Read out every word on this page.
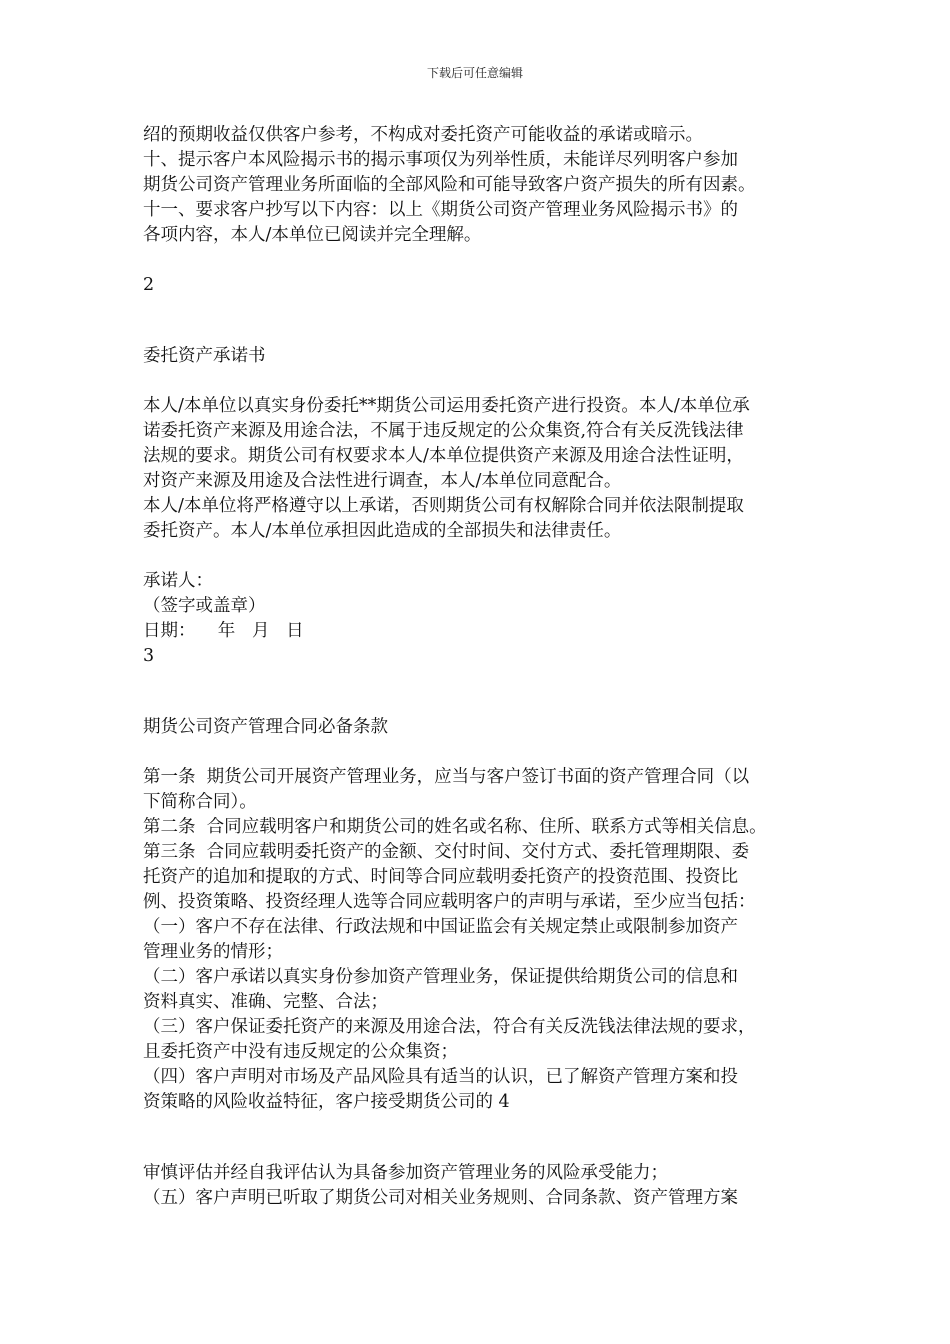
下载后可任意编辑
绍的预期收益仅供客户参考，不构成对委托资产可能收益的承诺或暗示。
十、提示客户本风险揭示书的揭示事项仅为列举性质，未能详尽列明客户参加
期货公司资产管理业务所面临的全部风险和可能导致客户资产损失的所有因素。
十一、要求客户抄写以下内容：以上《期货公司资产管理业务风险揭示书》的
各项内容，本人/本单位已阅读并完全理解。
2
委托资产承诺书
本人/本单位以真实身份委托**期货公司运用委托资产进行投资。本人/本单位承
诺委托资产来源及用途合法，不属于违反规定的公众集资,符合有关反洗钱法律
法规的要求。期货公司有权要求本人/本单位提供资产来源及用途合法性证明，
对资产来源及用途及合法性进行调查，本人/本单位同意配合。
本人/本单位将严格遵守以上承诺，否则期货公司有权解除合同并依法限制提取
委托资产。本人/本单位承担因此造成的全部损失和法律责任。
承诺人：
（签字或盖章）
日期：    年   月   日
3
期货公司资产管理合同必备条款
第一条  期货公司开展资产管理业务，应当与客户签订书面的资产管理合同（以
下简称合同）。
第二条  合同应载明客户和期货公司的姓名或名称、住所、联系方式等相关信息。
第三条  合同应载明委托资产的金额、交付时间、交付方式、委托管理期限、委
托资产的追加和提取的方式、时间等合同应载明委托资产的投资范围、投资比
例、投资策略、投资经理人选等合同应载明客户的声明与承诺，至少应当包括：
（一）客户不存在法律、行政法规和中国证监会有关规定禁止或限制参加资产
管理业务的情形；
（二）客户承诺以真实身份参加资产管理业务，保证提供给期货公司的信息和
资料真实、准确、完整、合法；
（三）客户保证委托资产的来源及用途合法，符合有关反洗钱法律法规的要求，
且委托资产中没有违反规定的公众集资；
（四）客户声明对市场及产品风险具有适当的认识，已了解资产管理方案和投
资策略的风险收益特征，客户接受期货公司的 4
审慎评估并经自我评估认为具备参加资产管理业务的风险承受能力；
（五）客户声明已听取了期货公司对相关业务规则、合同条款、资产管理方案
